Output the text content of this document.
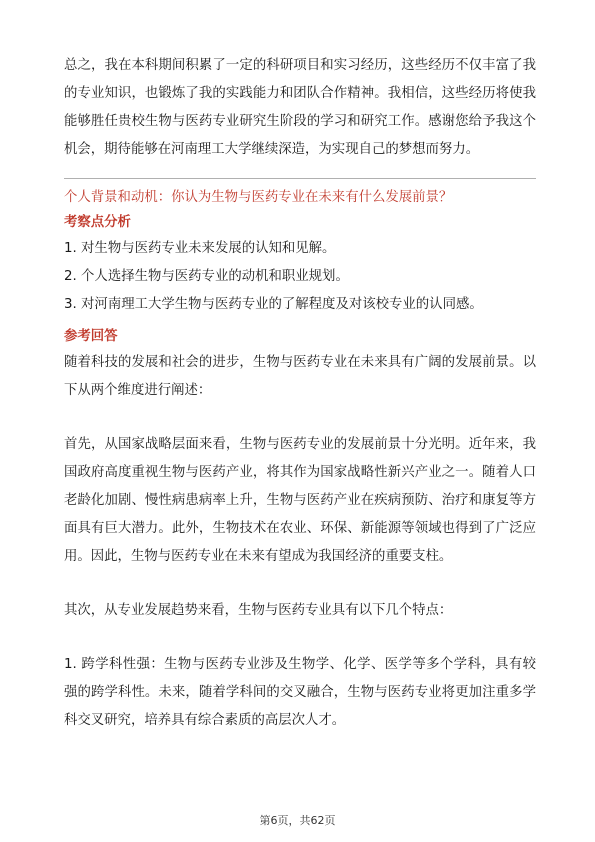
总之，我在本科期间积累了一定的科研项目和实习经历，这些经历不仅丰富了我的专业知识，也锻炼了我的实践能力和团队合作精神。我相信，这些经历将使我能够胜任贵校生物与医药专业研究生阶段的学习和研究工作。感谢您给予我这个机会，期待能够在河南理工大学继续深造，为实现自己的梦想而努力。

个人背景和动机：你认为生物与医药专业在未来有什么发展前景？

考察点分析

1. 对生物与医药专业未来发展的认知和见解。

2. 个人选择生物与医药专业的动机和职业规划。

3. 对河南理工大学生物与医药专业的了解程度及对该校专业的认同感。

参考回答

随着科技的发展和社会的进步，生物与医药专业在未来具有广阔的发展前景。以下从两个维度进行阐述：

首先，从国家战略层面来看，生物与医药专业的发展前景十分光明。近年来，我国政府高度重视生物与医药产业，将其作为国家战略性新兴产业之一。随着人口老龄化加剧、慢性病患病率上升，生物与医药产业在疾病预防、治疗和康复等方面具有巨大潜力。此外，生物技术在农业、环保、新能源等领域也得到了广泛应用。因此，生物与医药专业在未来有望成为我国经济的重要支柱。

其次，从专业发展趋势来看，生物与医药专业具有以下几个特点：

1. 跨学科性强：生物与医药专业涉及生物学、化学、医学等多个学科，具有较强的跨学科性。未来，随着学科间的交叉融合，生物与医药专业将更加注重多学科交叉研究，培养具有综合素质的高层次人才。

第6页，共62页
